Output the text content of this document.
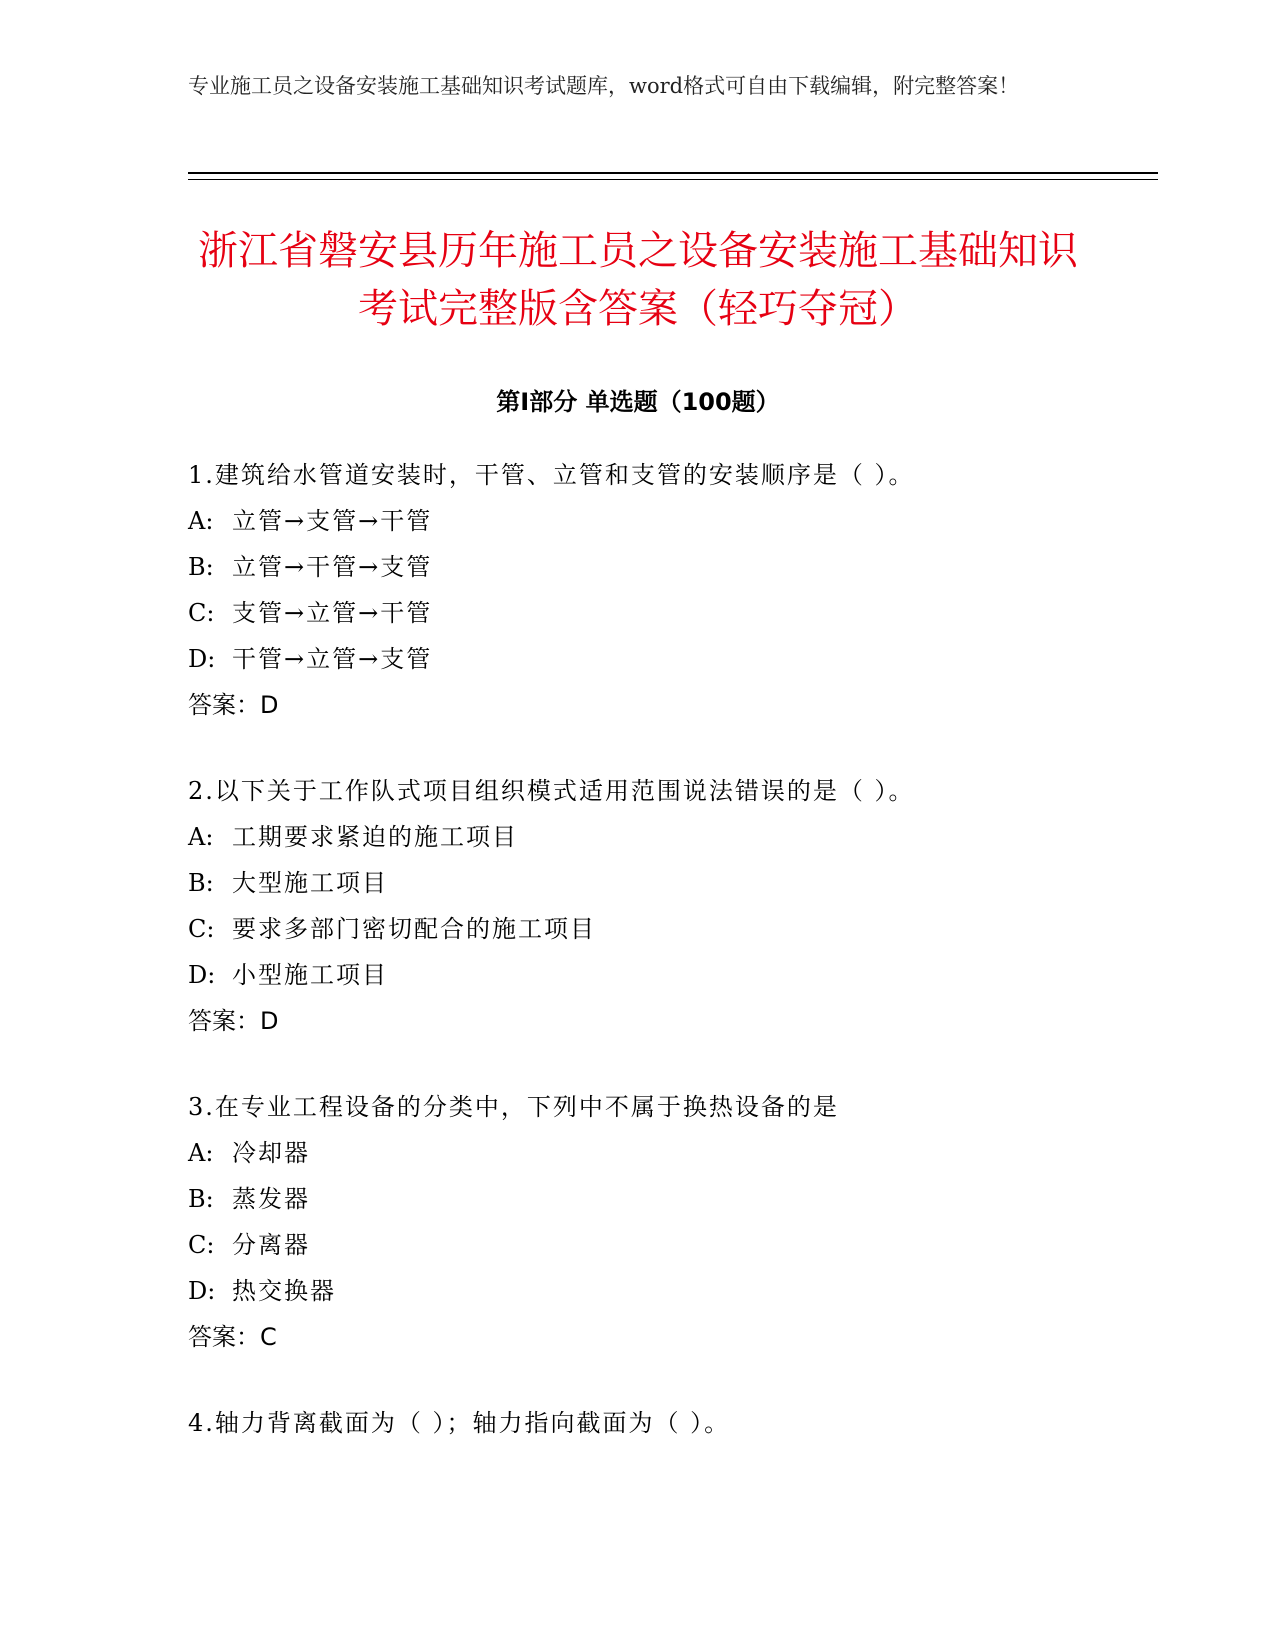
专业施工员之设备安装施工基础知识考试题库，word格式可自由下载编辑，附完整答案！
浙江省磐安县历年施工员之设备安装施工基础知识考试完整版含答案（轻巧夺冠）
第I部分 单选题（100题）
1.建筑给水管道安装时，干管、立管和支管的安装顺序是（ ）。
A: 立管→支管→干管
B: 立管→干管→支管
C: 支管→立管→干管
D: 干管→立管→支管
答案：D
2.以下关于工作队式项目组织模式适用范围说法错误的是（ ）。
A: 工期要求紧迫的施工项目
B: 大型施工项目
C: 要求多部门密切配合的施工项目
D: 小型施工项目
答案：D
3.在专业工程设备的分类中，下列中不属于换热设备的是
A: 冷却器
B: 蒸发器
C: 分离器
D: 热交换器
答案：C
4.轴力背离截面为（ ）；轴力指向截面为（ ）。
